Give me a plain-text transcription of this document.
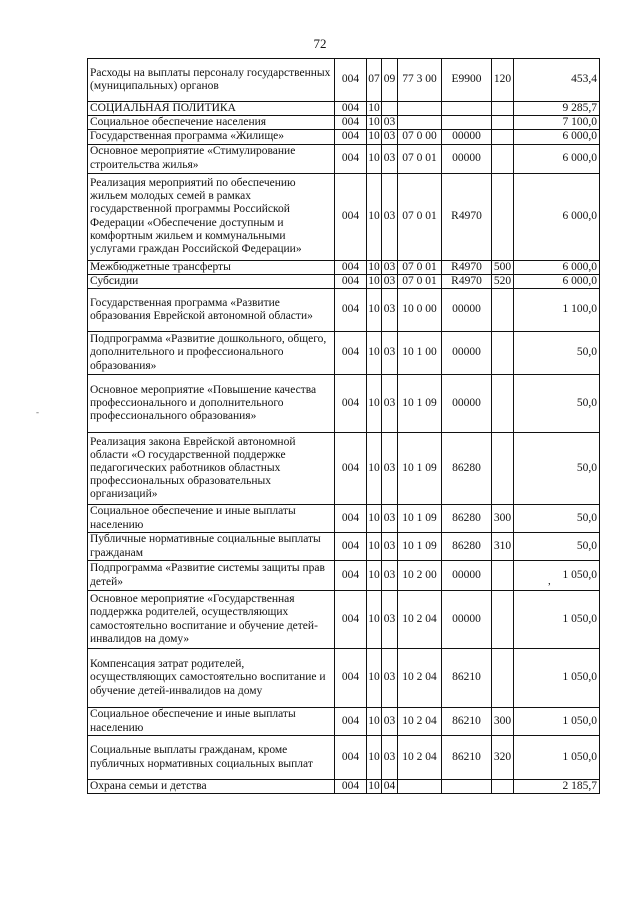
72
-
,
Расходы на выплаты персоналу государственных (муниципальных) органов	004	07	09	77 3 00	E9900	120	453,4
СОЦИАЛЬНАЯ ПОЛИТИКА	004	10					9 285,7
Социальное обеспечение населения	004	10	03				7 100,0
Государственная программа «Жилище»	004	10	03	07 0 00	00000		6 000,0
Основное мероприятие «Стимулирование строительства жилья»	004	10	03	07 0 01	00000		6 000,0
Реализация мероприятий по обеспечению жильем молодых семей в рамках государственной программы Российской Федерации «Обеспечение доступным и комфортным жильем и коммунальными услугами граждан Российской Федерации»	004	10	03	07 0 01	R4970		6 000,0
Межбюджетные трансферты	004	10	03	07 0 01	R4970	500	6 000,0
Субсидии	004	10	03	07 0 01	R4970	520	6 000,0
Государственная программа «Развитие образования Еврейской автономной области»	004	10	03	10 0 00	00000		1 100,0
Подпрограмма «Развитие дошкольного, общего, дополнительного и профессионального образования»	004	10	03	10 1 00	00000		50,0
Основное мероприятие «Повышение качества профессионального и дополнительного профессионального образования»	004	10	03	10 1 09	00000		50,0
Реализация закона Еврейской автономной области «О государственной поддержке педагогических работников областных профессиональных образовательных организаций»	004	10	03	10 1 09	86280		50,0
Социальное обеспечение и иные выплаты населению	004	10	03	10 1 09	86280	300	50,0
Публичные нормативные социальные выплаты гражданам	004	10	03	10 1 09	86280	310	50,0
Подпрограмма «Развитие системы защиты прав детей»	004	10	03	10 2 00	00000		1 050,0
Основное мероприятие «Государственная поддержка родителей, осуществляющих самостоятельно воспитание и обучение детей-инвалидов на дому»	004	10	03	10 2 04	00000		1 050,0
Компенсация затрат родителей, осуществляющих самостоятельно воспитание и обучение детей-инвалидов на дому	004	10	03	10 2 04	86210		1 050,0
Социальное обеспечение и иные выплаты населению	004	10	03	10 2 04	86210	300	1 050,0
Социальные выплаты гражданам, кроме публичных нормативных социальных выплат	004	10	03	10 2 04	86210	320	1 050,0
Охрана семьи и детства	004	10	04				2 185,7
